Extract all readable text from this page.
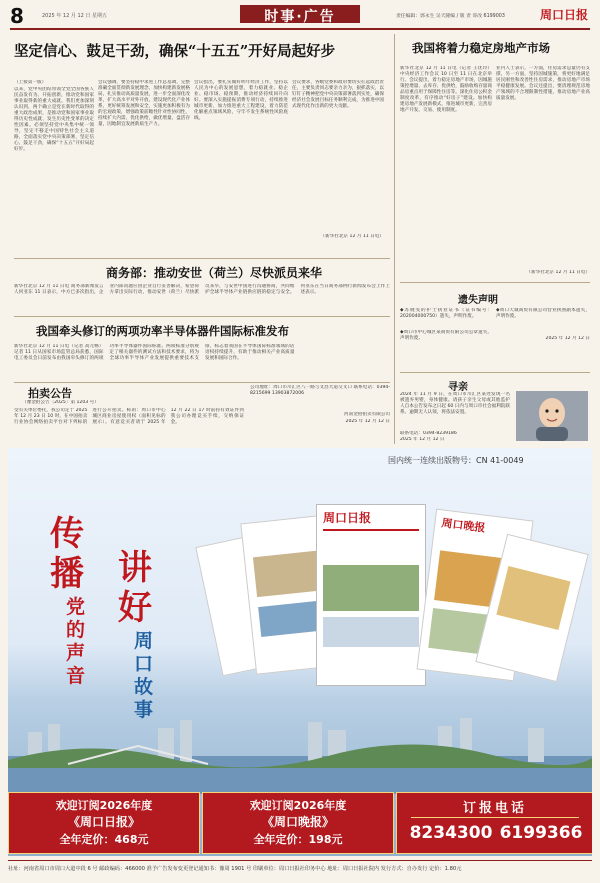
8	2025 年 12 月 12 日 星期五	时事·广告	责任编辑：郭永生 吴天隆编 / 版 责 哥改 6199003	周口日报
坚定信心、鼓足干劲，确保“十五五”开好局起好步
（上接第一版）
以来，党中央团结带领全党全国各族人民奋发有为、开拓创新，推动党和国家事业取得新的重大成就。我们更加深刻认识到，两个确立是党在新时代取得的重大政治成果，是推动党和国家事业取得历史性成就、发生历史性变革的决定性因素。必须坚持党中央集中统一领导，坚定不移走中国特色社会主义道路，全面落实党中央决策部署，坚定信心、鼓足干劲，确保“十五五”开好局起好步。
会议强调，要坚持稳中求进工作总基调，完整准确全面贯彻新发展理念，加快构建新发展格局，扎实推动高质量发展，进一步全面深化改革，扩大高水平对外开放，建设现代化产业体系，更好统筹发展和安全，实施更加积极有为的宏观政策，增强政策前瞻性针对性协同性，持续扩大内需、优化供给，做优增量、盘活存量，因地制宜发展新质生产力。
会议指出，要扎实做好明年经济工作，坚持以人民为中心的发展思想，着力稳就业、稳企业、稳市场、稳预期，推动经济持续回升向好。要深入实施提振消费专项行动，持续推进城市更新，加力推进重大工程建设，着力防范化解重点领域风险，守牢不发生系统性风险底线。
会议要求，各级党委和政府要切实扛起政治责任，主要负责同志要亲力亲为，狠抓落实，以钉钉子精神把党中央决策部署落到实处，确保经济社会发展目标任务顺利完成，为推进中国式现代化作出新的更大贡献。
（新华社北京 12 月 11 日电）
商务部：推动安世（荷兰）尽快派员来华
新华社北京 12 月 11 日电 商务部新闻发言人何亚东 11 日表示，中方已多次指出，企业内部问题应由企业自行妥善解决，希望荷方拿出实际行动，推动安世（荷兰）尽快派员来华，与安世中国进行沟通协商，共同维护全球半导体产业链供应链的稳定与安全。何亚东在当日商务部例行新闻发布会上作上述表示。
我国牵头修订的两项功率半导体器件国际标准发布
新华社北京 12 月 11 日电（记者 高元畅）记者 11 日从国家市场监管总局获悉，国际电工委员会日前发布由我国牵头修订的两项功率半导体器件国际标准。两项标准分别规定了相关器件的测试方法和技术要求，将为全球功率半导体产业发展提供重要技术支撑，标志着我国在半导体国际标准领域的话语权持续提升，有助于推动相关产业高质量发展和国际合作。
拍卖公告
（豫金拍公告〔2025〕第 1203 号）
受有关单位委托，我公司定于 2025 年 12 月 23 日 10 时，在中国拍卖行业协会网络拍卖平台对下列标的进行公开拍卖。标的：周口市中心城区商业房屋使用权（面积见标的展示）。有意竞买者请于 2025 年 12 月 22 日 17 时前持有效证件到我公司办理竞买手续，交纳保证金。
公司地址：周口市川汇区八一路与文昌大道交叉口 联系电话：0394-8215699 13903872006
河南金拍拍卖有限公司
2025 年 12 月 12 日
我国将着力稳定房地产市场
新华社北京 12 月 11 日电（记者 王优玲）中央经济工作会议 10 日至 11 日在北京举行。会议提出，着力稳定房地产市场，因城施策控增量、去库存、优供给，鼓励收购存量商品房重点用于保障性住房等。深化住房公积金制度改革，有序推动“好房子”建设。加快构建房地产发展新模式，推进城市更新，完善房地产开发、交易、使用制度。
业内人士表示，一方面，住房需求总量仍有支撑，另一方面，坚持因城施策，将更好地满足居民刚性和改善性住房需求，推动房地产市场平稳健康发展。会议还提出，要清理规范房地产领域的不合理限制性措施，推动房地产业高质量发展。
（新华社北京 12 月 11 日电）
遗失声明
◆苏晓雯的护士执业证书（证书编号：202004000750）遗失，声明作废。
◆周口市中心城区某商贸有限公司公章遗失，声明作废。
◆周口天诚商贸有限公司营业执照副本遗失，声明作废。
2025 年 12 月 12 日
寻亲
2024 年 11 月 9 日，在周口市川汇区某处发现一名被遗弃男婴，身体健康。请孩子亲生父母或其他监护人自本公告发布之日起 60 日内与周口市社会福利院联系。逾期无人认领，将依法安置。
联系电话：0394-8239186
2025 年 12 月 12 日
国内统一连续出版物号：CN 41-0049
传播
党的声音
讲好
周口故事
周口日报	周口晚报
欢迎订阅2026年度
《周口日报》
全年定价：468元
欢迎订阅2026年度
《周口晚报》
全年定价：198元
订报电话
8234300 6199366
社址：河南省周口市周口大道中段 6 号 邮政编码：466000 准予广告发布变更登记通知书：豫周 1901 号 印刷单位：周口日报社印务中心 地址：周口日报社院内 发行方式：自办发行 定价：1.80元
